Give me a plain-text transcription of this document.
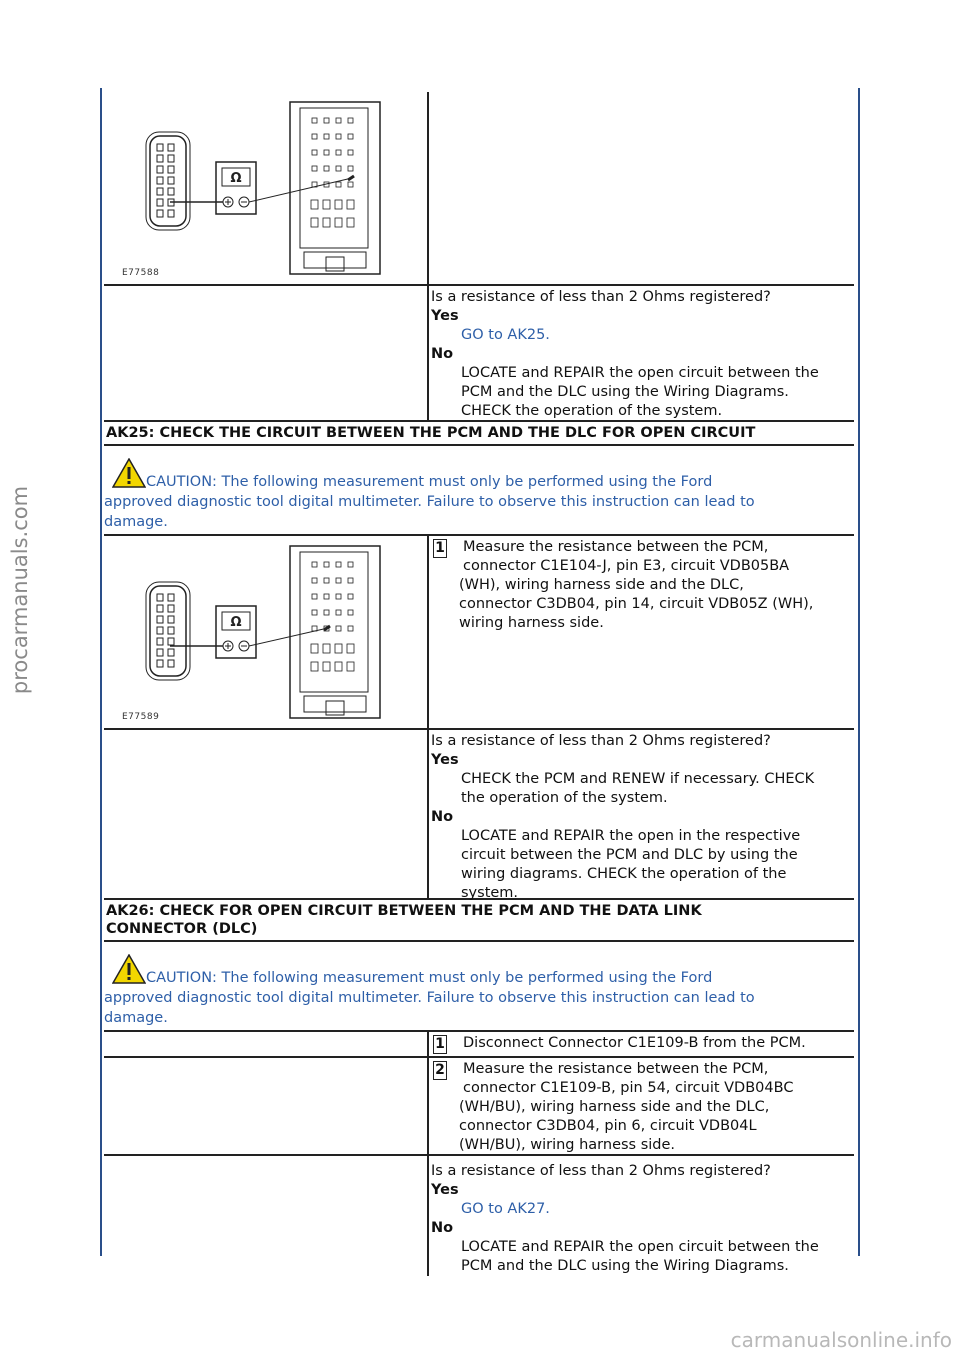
procarmanuals.com
carmanualsonline.info
Ω
E77588
Is a resistance of less than 2 Ohms registered?
Yes
GO to AK25.
No
LOCATE and REPAIR the open circuit between the
PCM and the DLC using the Wiring Diagrams.
CHECK the operation of the system.
AK25: CHECK THE CIRCUIT BETWEEN THE PCM AND THE DLC FOR OPEN CIRCUIT
CAUTION: The following measurement must only be performed using the Ford
approved diagnostic tool digital multimeter. Failure to observe this instruction can lead to
damage.
Ω
E77589
1 Measure the resistance between the PCM,
connector C1E104-J, pin E3, circuit VDB05BA
(WH), wiring harness side and the DLC,
connector C3DB04, pin 14, circuit VDB05Z (WH),
wiring harness side.
Is a resistance of less than 2 Ohms registered?
Yes
CHECK the PCM and RENEW if necessary. CHECK
the operation of the system.
No
LOCATE and REPAIR the open in the respective
circuit between the PCM and DLC by using the
wiring diagrams. CHECK the operation of the
system.
AK26: CHECK FOR OPEN CIRCUIT BETWEEN THE PCM AND THE DATA LINK
CONNECTOR (DLC)
CAUTION: The following measurement must only be performed using the Ford
approved diagnostic tool digital multimeter. Failure to observe this instruction can lead to
damage.
1 Disconnect Connector C1E109-B from the PCM.
2 Measure the resistance between the PCM,
connector C1E109-B, pin 54, circuit VDB04BC
(WH/BU), wiring harness side and the DLC,
connector C3DB04, pin 6, circuit VDB04L
(WH/BU), wiring harness side.
Is a resistance of less than 2 Ohms registered?
Yes
GO to AK27.
No
LOCATE and REPAIR the open circuit between the
PCM and the DLC using the Wiring Diagrams.
